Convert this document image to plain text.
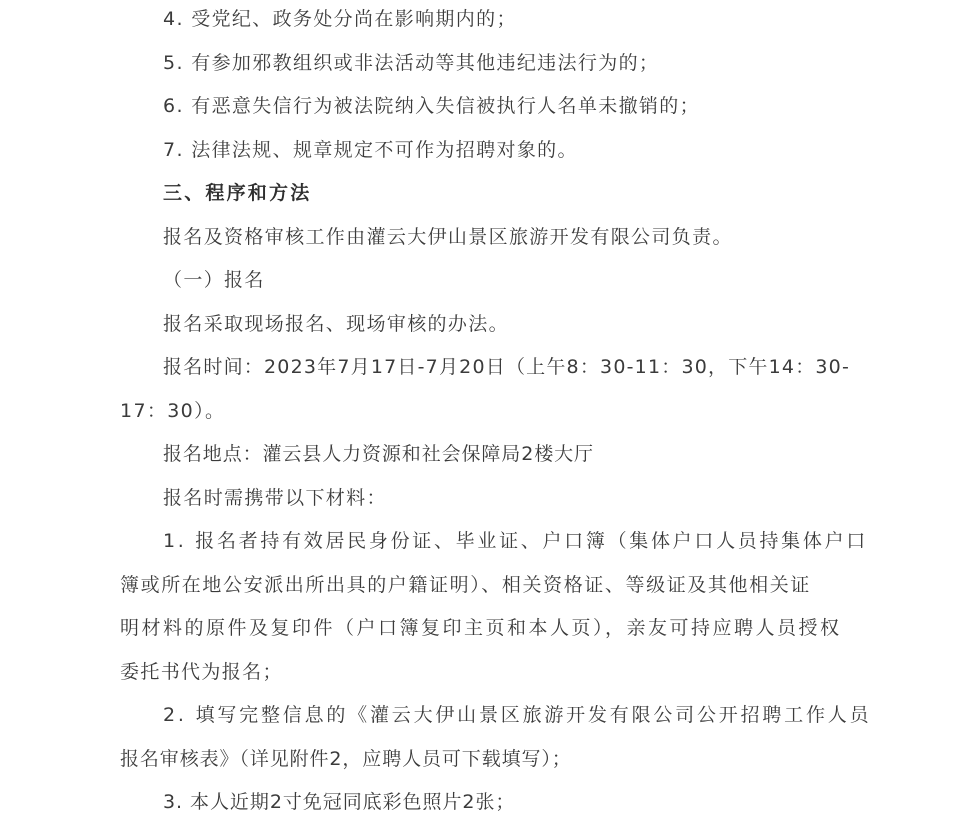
4. 受党纪、政务处分尚在影响期内的；
5. 有参加邪教组织或非法活动等其他违纪违法行为的；
6. 有恶意失信行为被法院纳入失信被执行人名单未撤销的；
7. 法律法规、规章规定不可作为招聘对象的。
三、程序和方法
报名及资格审核工作由灌云大伊山景区旅游开发有限公司负责。
（一）报名
报名采取现场报名、现场审核的办法。
报名时间：2023年7月17日-7月20日（上午8：30-11：30，下午14：30-
17：30）。
报名地点：灌云县人力资源和社会保障局2楼大厅
报名时需携带以下材料：
1. 报名者持有效居民身份证、毕业证、户口簿（集体户口人员持集体户口
簿或所在地公安派出所出具的户籍证明）、相关资格证、等级证及其他相关证
明材料的原件及复印件（户口簿复印主页和本人页），亲友可持应聘人员授权
委托书代为报名；
2. 填写完整信息的《灌云大伊山景区旅游开发有限公司公开招聘工作人员
报名审核表》（详见附件2，应聘人员可下载填写）；
3. 本人近期2寸免冠同底彩色照片2张；
